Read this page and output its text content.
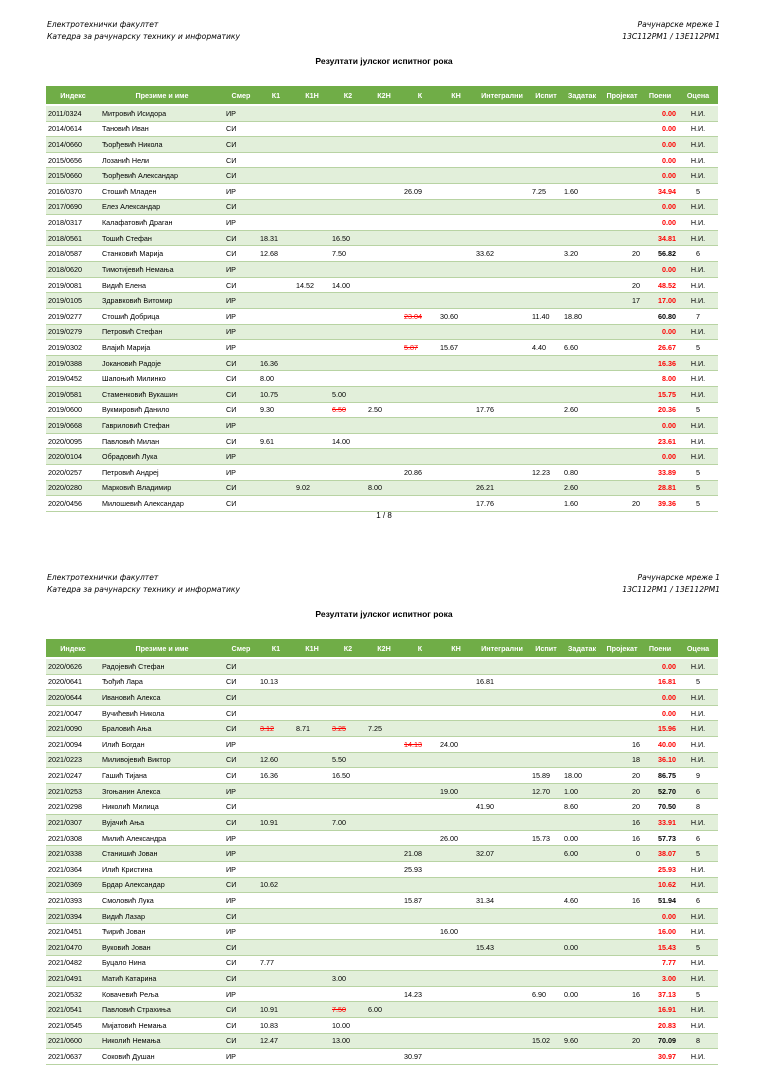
Електротехнички факултет
Катедра за рачунарску технику и информатику
Рачунарске мреже 1
13С112РМ1 / 13Е112РМ1
Резултати јулског испитног рока
Индекс	Презиме и име	Смер	К1	К1Н	К2	К2Н	К	КН	Интегрални	Испит	Задатак	Пројекат	Поени	Оцена
2011/0324	Митровић Исидора	ИР											0.00	Н.И.
2014/0614	Тановић Иван	СИ											0.00	Н.И.
2014/0660	Ђорђевић Никола	СИ											0.00	Н.И.
2015/0656	Лозанић Нели	СИ											0.00	Н.И.
2015/0660	Ђорђевић Александар	СИ											0.00	Н.И.
2016/0370	Стошић Младен	ИР					26.09			7.25	1.60		34.94	5
2017/0690	Елез Александар	СИ											0.00	Н.И.
2018/0317	Калафатовић Драган	ИР											0.00	Н.И.
2018/0561	Тошић Стефан	СИ	18.31		16.50								34.81	Н.И.
2018/0587	Станковић Марија	СИ	12.68		7.50				33.62		3.20	20	56.82	6
2018/0620	Тимотијевић Немања	ИР											0.00	Н.И.
2019/0081	Видић Елена	СИ		14.52	14.00							20	48.52	Н.И.
2019/0105	Здравковић Витомир	ИР										17	17.00	Н.И.
2019/0277	Стошић Добрица	ИР					23.04	30.60		11.40	18.80		60.80	7
2019/0279	Петровић Стефан	ИР											0.00	Н.И.
2019/0302	Влајић Марија	ИР					5.87	15.67		4.40	6.60		26.67	5
2019/0388	Јокановић Радоје	СИ	16.36										16.36	Н.И.
2019/0452	Шапоњић Милинко	СИ	8.00										8.00	Н.И.
2019/0581	Стаменковић Вукашин	СИ	10.75		5.00								15.75	Н.И.
2019/0600	Вукмировић Данило	СИ	9.30		6.50	2.50			17.76		2.60		20.36	5
2019/0668	Гаврилoвић Стефан	ИР											0.00	Н.И.
2020/0095	Павловић Милан	СИ	9.61		14.00								23.61	Н.И.
2020/0104	Обрадовић Лука	ИР											0.00	Н.И.
2020/0257	Петровић Андреј	ИР					20.86			12.23	0.80		33.89	5
2020/0280	Марковић Владимир	СИ		9.02		8.00			26.21		2.60		28.81	5
2020/0456	Милошевић Александар	СИ							17.76		1.60	20	39.36	5
1 / 8
Електротехнички факултет
Катедра за рачунарску технику и информатику
Рачунарске мреже 1
13С112РМ1 / 13Е112РМ1
Резултати јулског испитног рока
Индекс	Презиме и име	Смер	К1	К1Н	К2	К2Н	К	КН	Интегрални	Испит	Задатак	Пројекат	Поени	Оцена
2020/0626	Радојевић Стефан	СИ											0.00	Н.И.
2020/0641	Ђођић Лара	СИ	10.13						16.81				16.81	5
2020/0644	Ивановић Алекса	СИ											0.00	Н.И.
2021/0047	Вучићевић Никола	СИ											0.00	Н.И.
2021/0090	Брaловић Ања	СИ	3.12	8.71	3.25	7.25							15.96	Н.И.
2021/0094	Илић Богдан	ИР					14.13	24.00				16	40.00	Н.И.
2021/0223	Миливојевић Виктор	СИ	12.60		5.50							18	36.10	Н.И.
2021/0247	Гашић Тијана	СИ	16.36		16.50					15.89	18.00	20	86.75	9
2021/0253	Згоњанин Алекса	ИР						19.00		12.70	1.00	20	52.70	6
2021/0298	Николић Милица	СИ							41.90		8.60	20	70.50	8
2021/0307	Вујачић Ања	СИ	10.91		7.00							16	33.91	Н.И.
2021/0308	Милић Александра	ИР						26.00		15.73	0.00	16	57.73	6
2021/0338	Станишић Јован	ИР					21.08		32.07		6.00	0	38.07	5
2021/0364	Илић Кристина	ИР					25.93						25.93	Н.И.
2021/0369	Брдар Александар	СИ	10.62										10.62	Н.И.
2021/0393	Смоловић Лука	ИР					15.87		31.34		4.60	16	51.94	6
2021/0394	Видић Лазар	СИ											0.00	Н.И.
2021/0451	Ћирић Јован	ИР						16.00					16.00	Н.И.
2021/0470	Вуковић Јован	СИ							15.43		0.00		15.43	5
2021/0482	Буцало Нина	СИ	7.77										7.77	Н.И.
2021/0491	Матић Катарина	СИ			3.00								3.00	Н.И.
2021/0532	Ковачевић Рeља	ИР					14.23			6.90	0.00	16	37.13	5
2021/0541	Павловић Страхиња	СИ	10.91		7.50	6.00							16.91	Н.И.
2021/0545	Мијатовић Немања	СИ	10.83		10.00								20.83	Н.И.
2021/0600	Николић Немања	СИ	12.47		13.00					15.02	9.60	20	70.09	8
2021/0637	Соковић Душан	ИР					30.97						30.97	Н.И.
